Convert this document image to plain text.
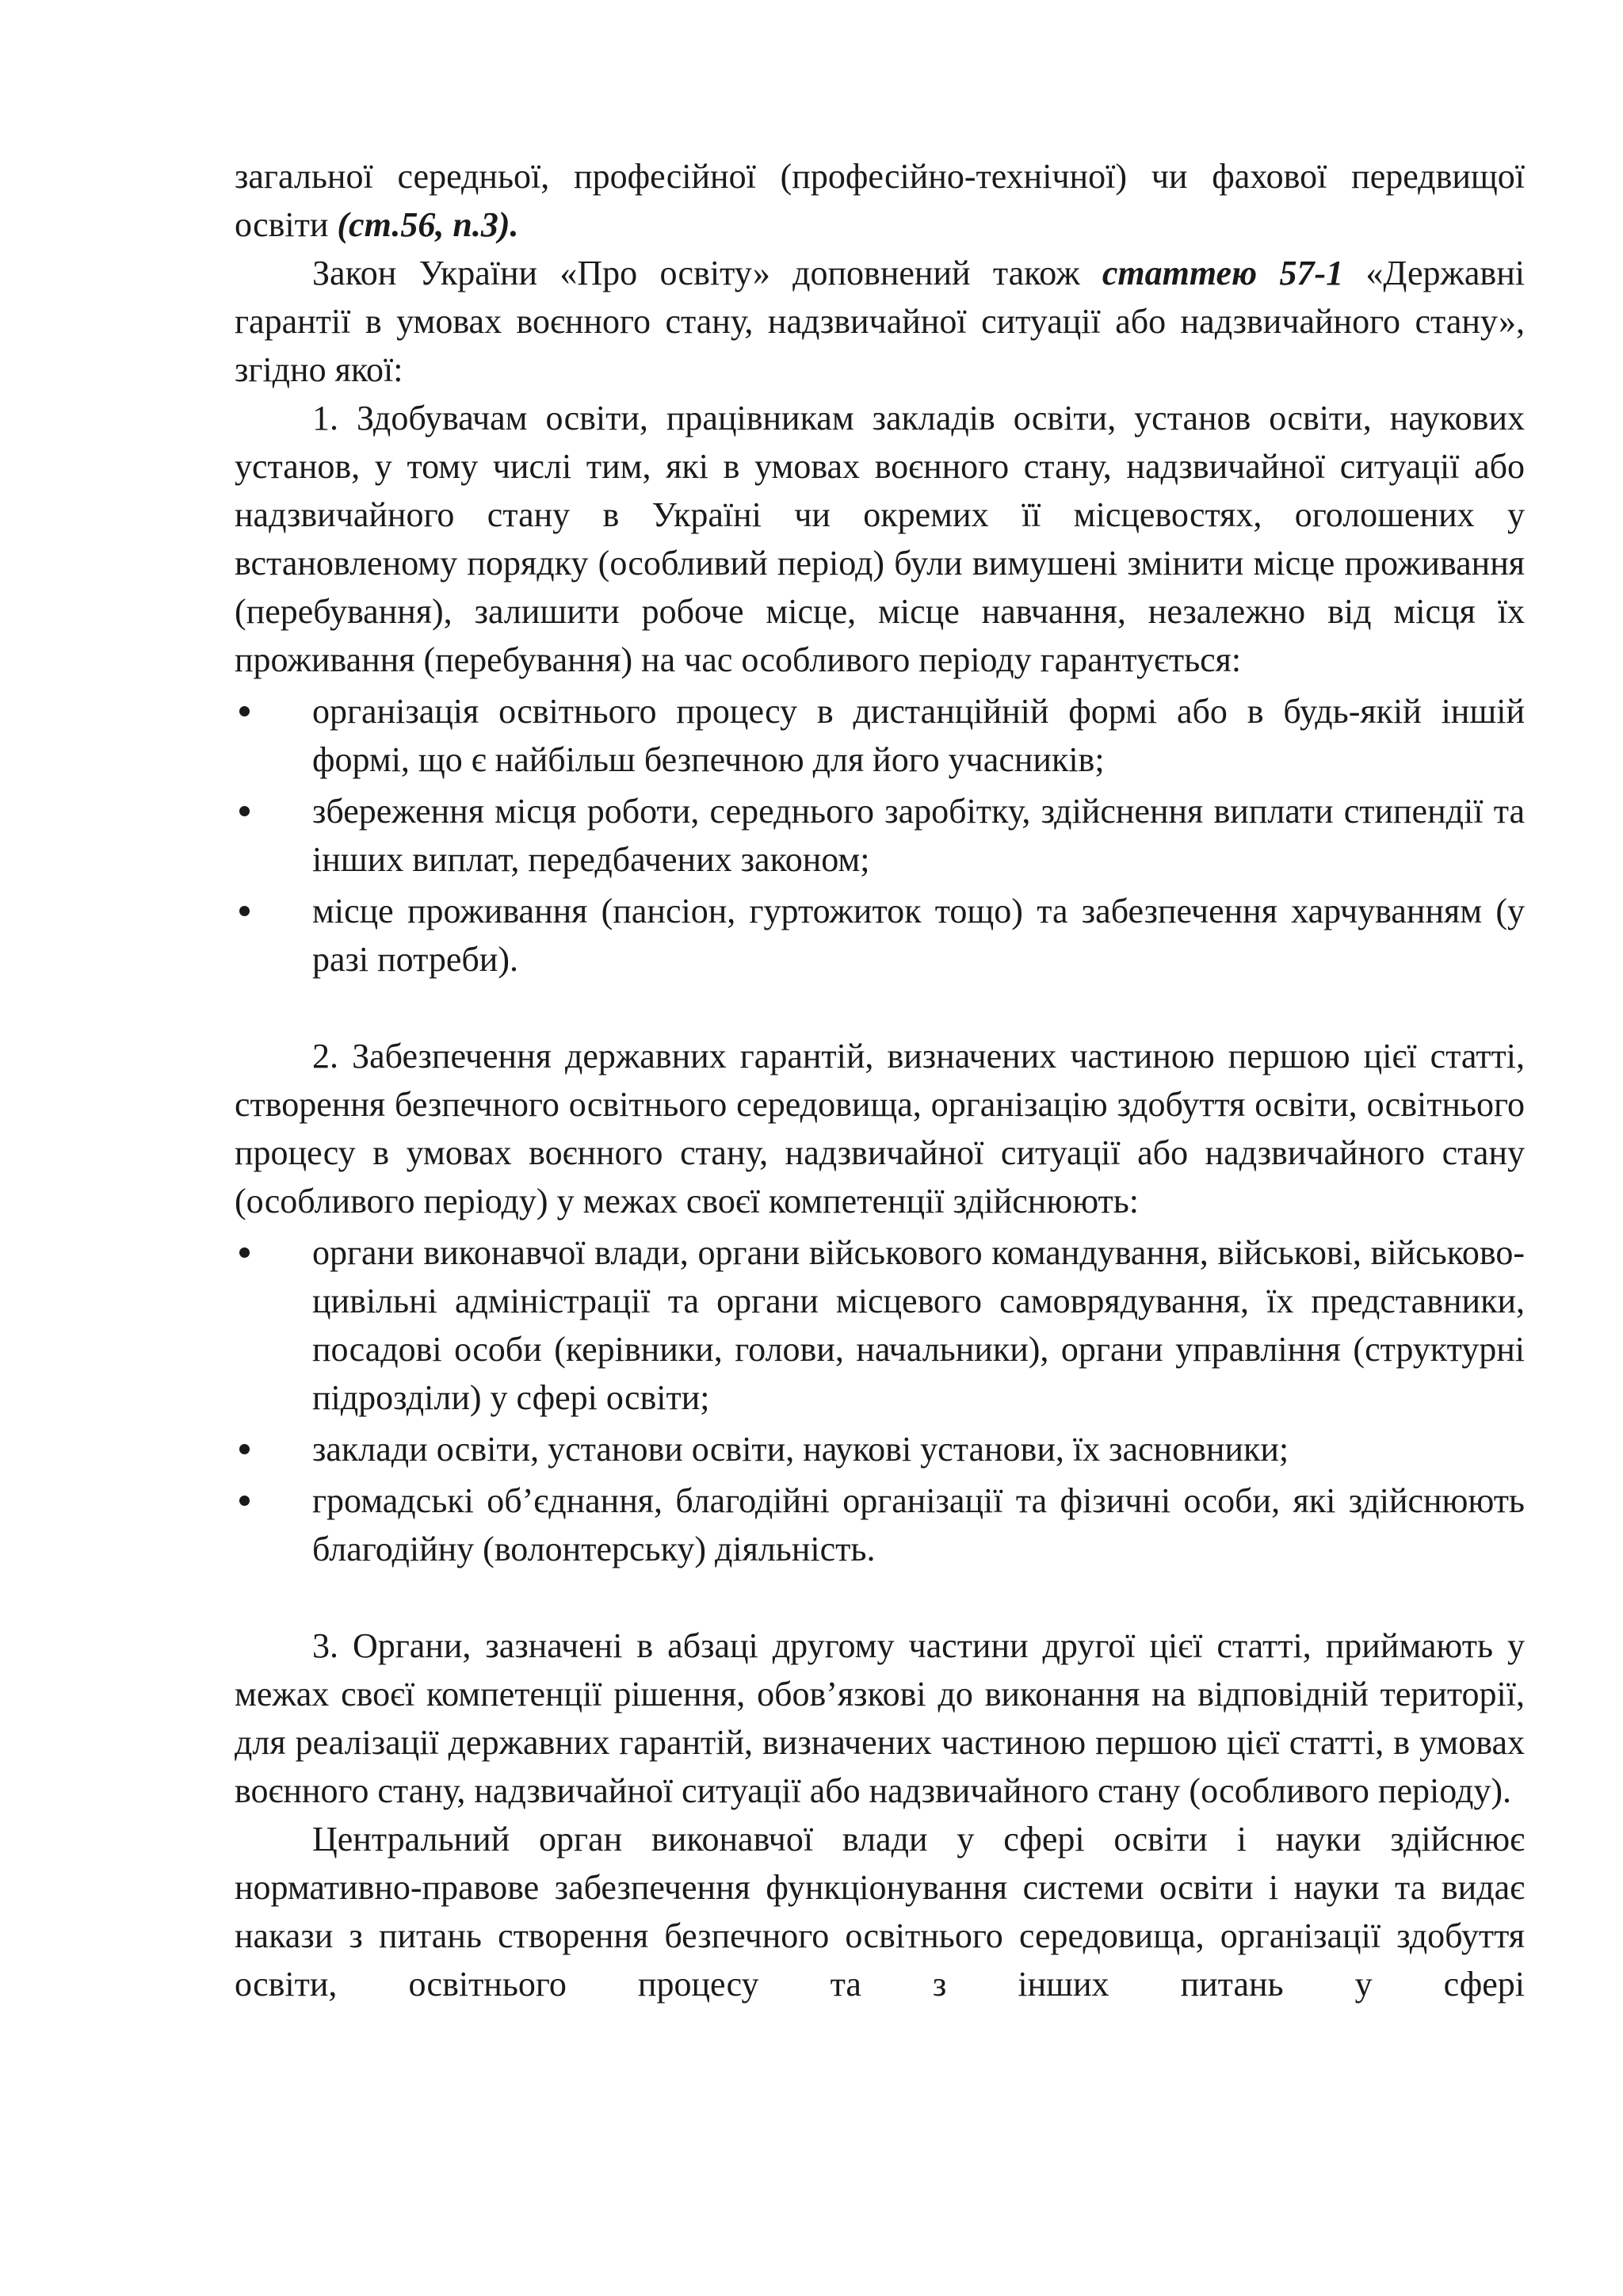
загальної середньої, професійної (професійно-технічної) чи фахової передвищої освіти (ст.56, п.3).

Закон України «Про освіту» доповнений також статтею 57-1 «Державні гарантії в умовах воєнного стану, надзвичайної ситуації або надзвичайного стану», згідно якої:

1. Здобувачам освіти, працівникам закладів освіти, установ освіти, наукових установ, у тому числі тим, які в умовах воєнного стану, надзвичайної ситуації або надзвичайного стану в Україні чи окремих її місцевостях, оголошених у встановленому порядку (особливий період) були вимушені змінити місце проживання (перебування), залишити робоче місце, місце навчання, незалежно від місця їх проживання (перебування) на час особливого періоду гарантується:

організація освітнього процесу в дистанційній формі або в будь-якій іншій формі, що є найбільш безпечною для його учасників;
збереження місця роботи, середнього заробітку, здійснення виплати стипендії та інших виплат, передбачених законом;
місце проживання (пансіон, гуртожиток тощо) та забезпечення харчуванням (у разі потреби).

2. Забезпечення державних гарантій, визначених частиною першою цієї статті, створення безпечного освітнього середовища, організацію здобуття освіти, освітнього процесу в умовах воєнного стану, надзвичайної ситуації або надзвичайного стану (особливого періоду) у межах своєї компетенції здійснюють:

органи виконавчої влади, органи військового командування, військові, військово-цивільні адміністрації та органи місцевого самоврядування, їх представники, посадові особи (керівники, голови, начальники), органи управління (структурні підрозділи) у сфері освіти;
заклади освіти, установи освіти, наукові установи, їх засновники;
громадські об’єднання, благодійні організації та фізичні особи, які здійснюють благодійну (волонтерську) діяльність.

3. Органи, зазначені в абзаці другому частини другої цієї статті, приймають у межах своєї компетенції рішення, обов’язкові до виконання на відповідній території, для реалізації державних гарантій, визначених частиною першою цієї статті, в умовах воєнного стану, надзвичайної ситуації або надзвичайного стану (особливого періоду).

Центральний орган виконавчої влади у сфері освіти і науки здійснює нормативно-правове забезпечення функціонування системи освіти і науки та видає накази з питань створення безпечного освітнього середовища, організації здобуття освіти, освітнього процесу та з інших питань у сфері
